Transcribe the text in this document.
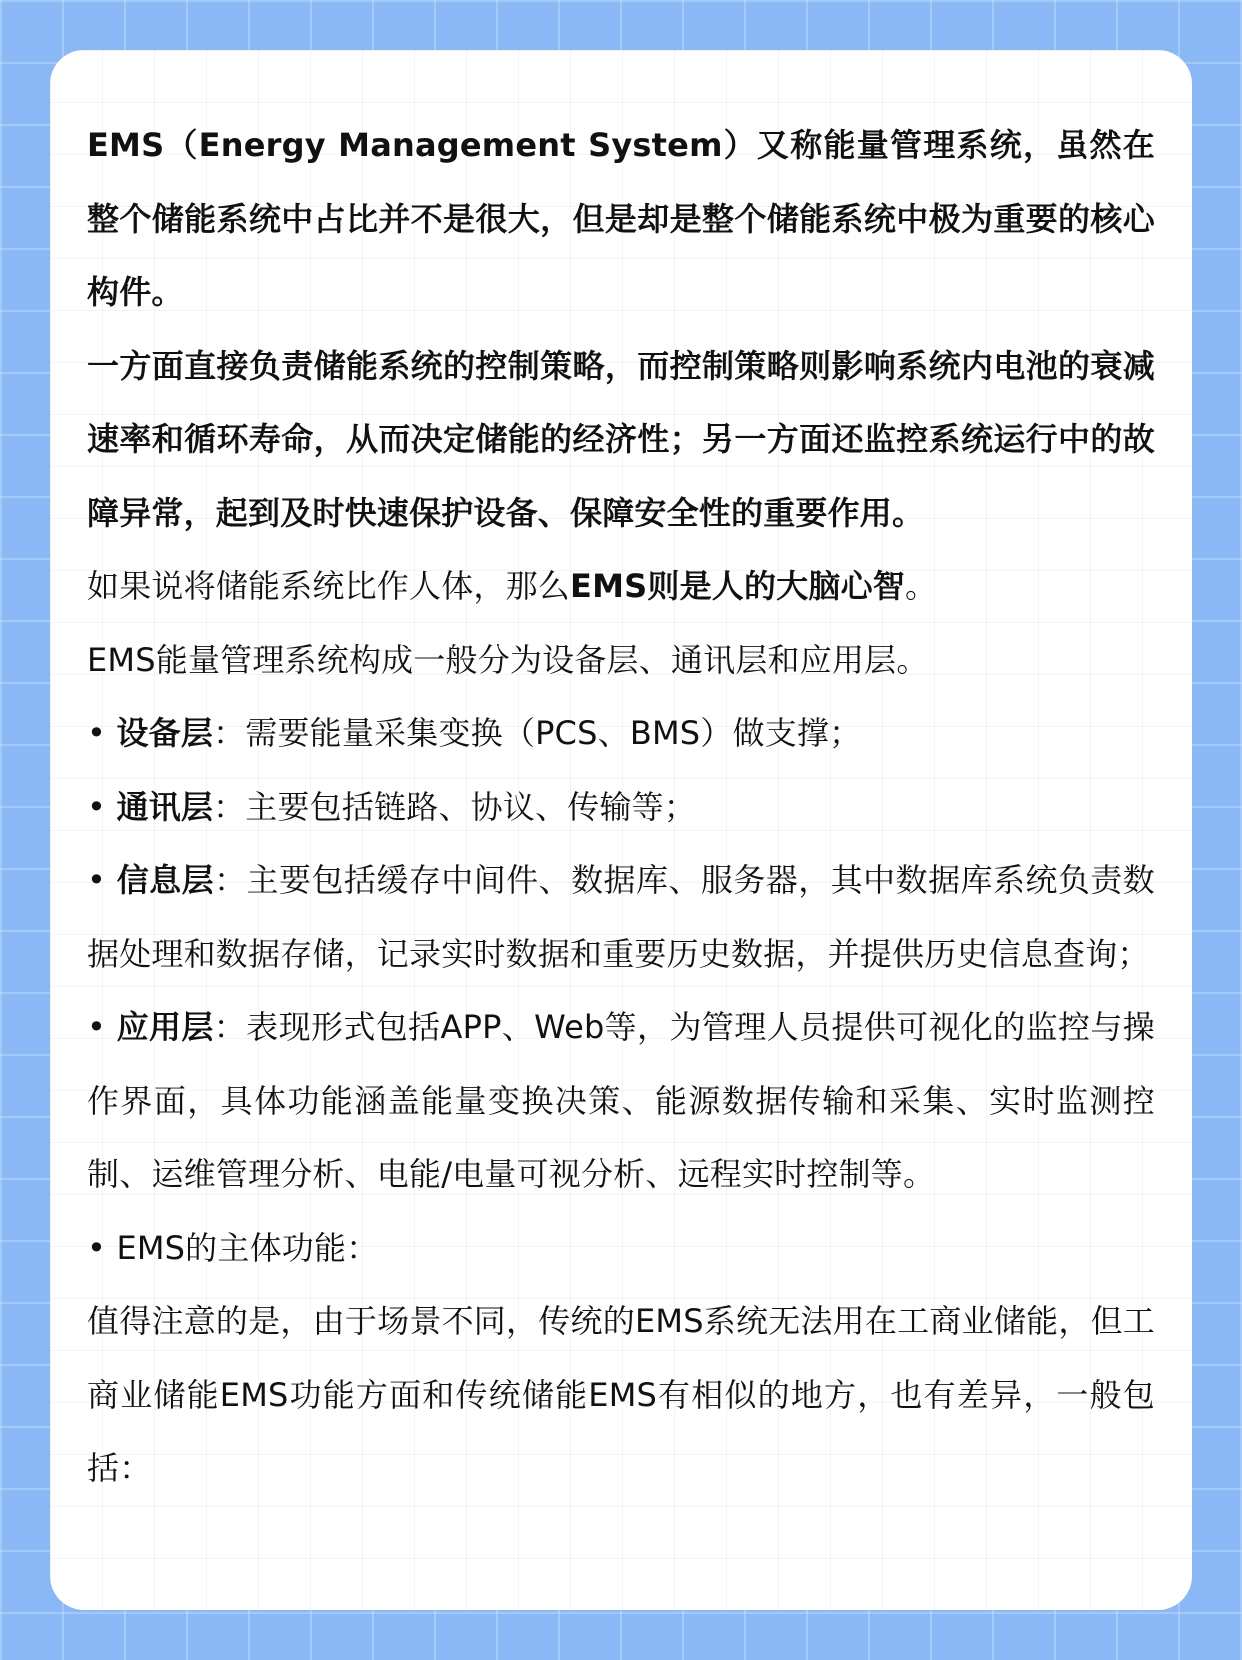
EMS（Energy Management System）又称能量管理系统，虽然在整个储能系统中占比并不是很大，但是却是整个储能系统中极为重要的核心构件。

一方面直接负责储能系统的控制策略，而控制策略则影响系统内电池的衰减速率和循环寿命，从而决定储能的经济性；另一方面还监控系统运行中的故障异常，起到及时快速保护设备、保障安全性的重要作用。

如果说将储能系统比作人体，那么EMS则是人的大脑心智。

EMS能量管理系统构成一般分为设备层、通讯层和应用层。

• 设备层：需要能量采集变换（PCS、BMS）做支撑；

• 通讯层：主要包括链路、协议、传输等；

• 信息层：主要包括缓存中间件、数据库、服务器，其中数据库系统负责数据处理和数据存储，记录实时数据和重要历史数据，并提供历史信息查询；

• 应用层：表现形式包括APP、Web等，为管理人员提供可视化的监控与操作界面，具体功能涵盖能量变换决策、能源数据传输和采集、实时监测控制、运维管理分析、电能/电量可视分析、远程实时控制等。

• EMS的主体功能：

值得注意的是，由于场景不同，传统的EMS系统无法用在工商业储能，但工商业储能EMS功能方面和传统储能EMS有相似的地方，也有差异，一般包括：
